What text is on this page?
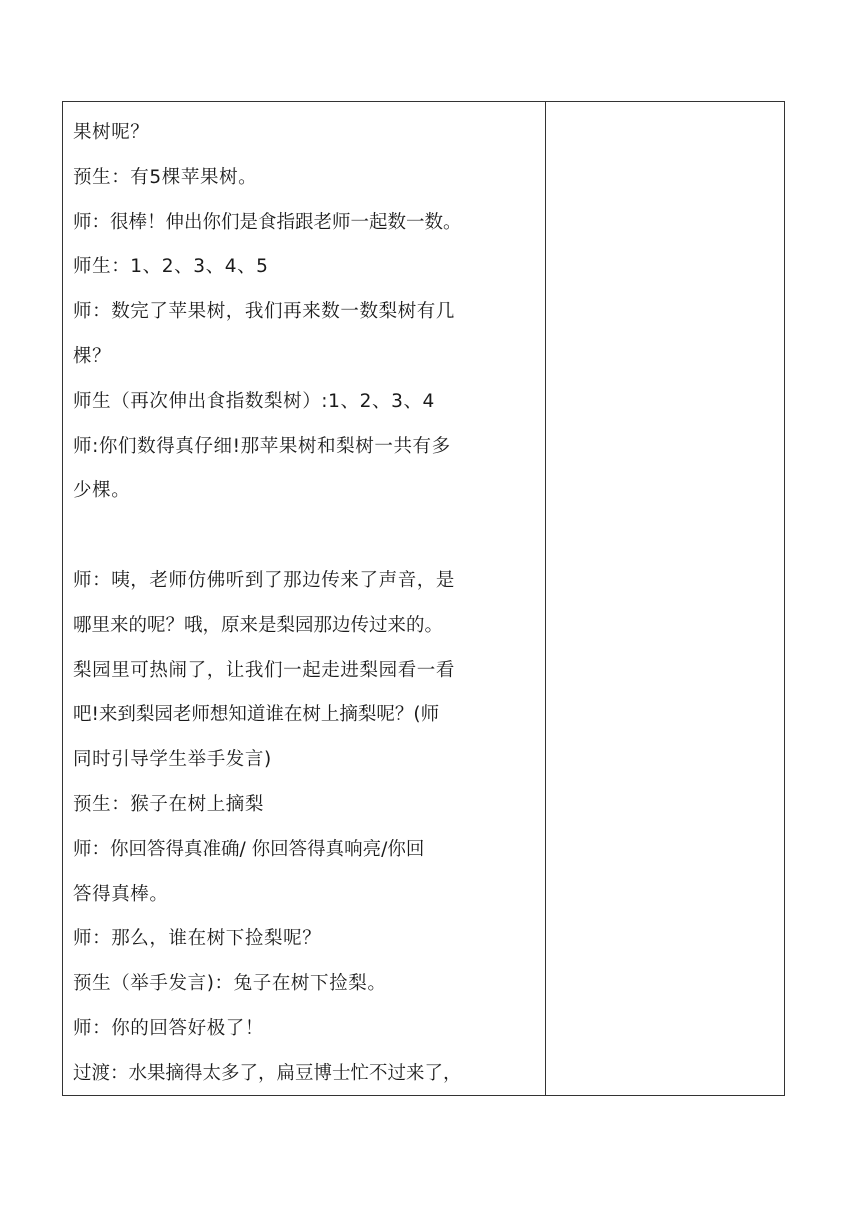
果树呢？
预生：有5棵苹果树。
师：很棒！伸出你们是食指跟老师一起数一数。
师生：1、2、3、4、5
师：数完了苹果树，我们再来数一数梨树有几
棵？
师生（再次伸出食指数梨树）:1、2、3、4
师:你们数得真仔细!那苹果树和梨树一共有多
少棵。
师：咦，老师仿佛听到了那边传来了声音，是
哪里来的呢？哦，原来是梨园那边传过来的。
梨园里可热闹了，让我们一起走进梨园看一看
吧!来到梨园老师想知道谁在树上摘梨呢？(师
同时引导学生举手发言)
预生：猴子在树上摘梨
师：你回答得真准确/ 你回答得真响亮/你回
答得真棒。
师：那么，谁在树下捡梨呢？
预生（举手发言)：兔子在树下捡梨。
师：你的回答好极了！
过渡：水果摘得太多了，扁豆博士忙不过来了，
